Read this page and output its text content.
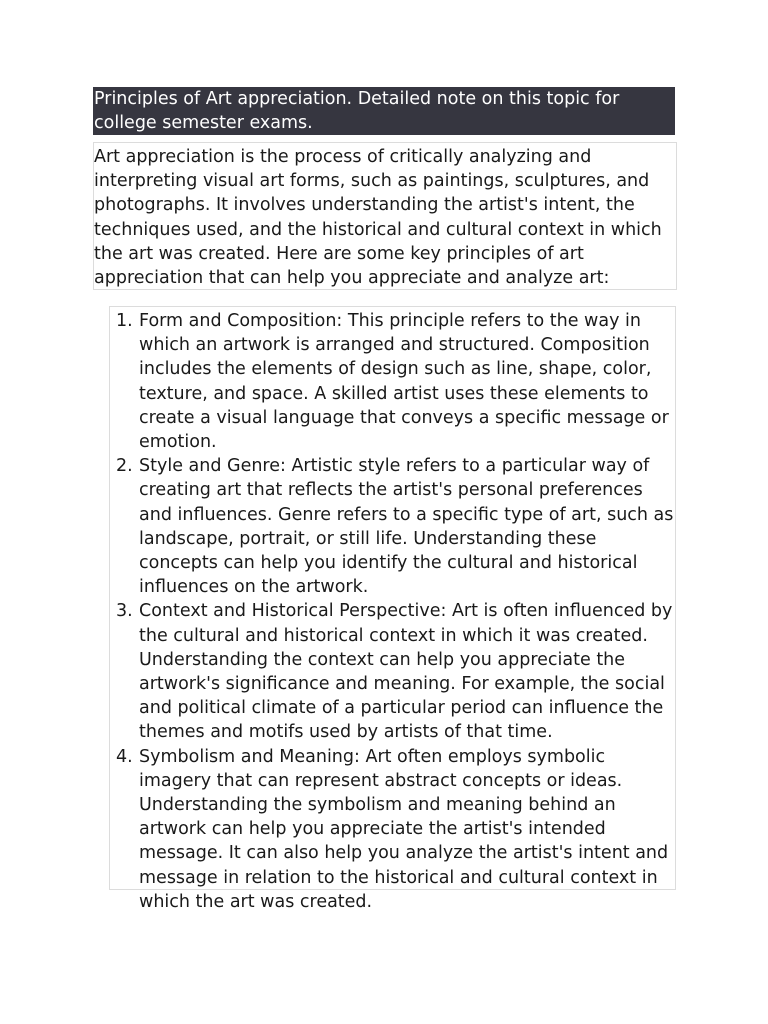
Principles of Art appreciation. Detailed note on this topic for college semester exams.
Art appreciation is the process of critically analyzing and interpreting visual art forms, such as paintings, sculptures, and photographs. It involves understanding the artist's intent, the techniques used, and the historical and cultural context in which the art was created. Here are some key principles of art appreciation that can help you appreciate and analyze art:
1. Form and Composition: This principle refers to the way in which an artwork is arranged and structured. Composition includes the elements of design such as line, shape, color, texture, and space. A skilled artist uses these elements to create a visual language that conveys a specific message or emotion.
2. Style and Genre: Artistic style refers to a particular way of creating art that reflects the artist's personal preferences and influences. Genre refers to a specific type of art, such as landscape, portrait, or still life. Understanding these concepts can help you identify the cultural and historical influences on the artwork.
3. Context and Historical Perspective: Art is often influenced by the cultural and historical context in which it was created. Understanding the context can help you appreciate the artwork's significance and meaning. For example, the social and political climate of a particular period can influence the themes and motifs used by artists of that time.
4. Symbolism and Meaning: Art often employs symbolic imagery that can represent abstract concepts or ideas. Understanding the symbolism and meaning behind an artwork can help you appreciate the artist's intended message. It can also help you analyze the artist's intent and message in relation to the historical and cultural context in which the art was created.
